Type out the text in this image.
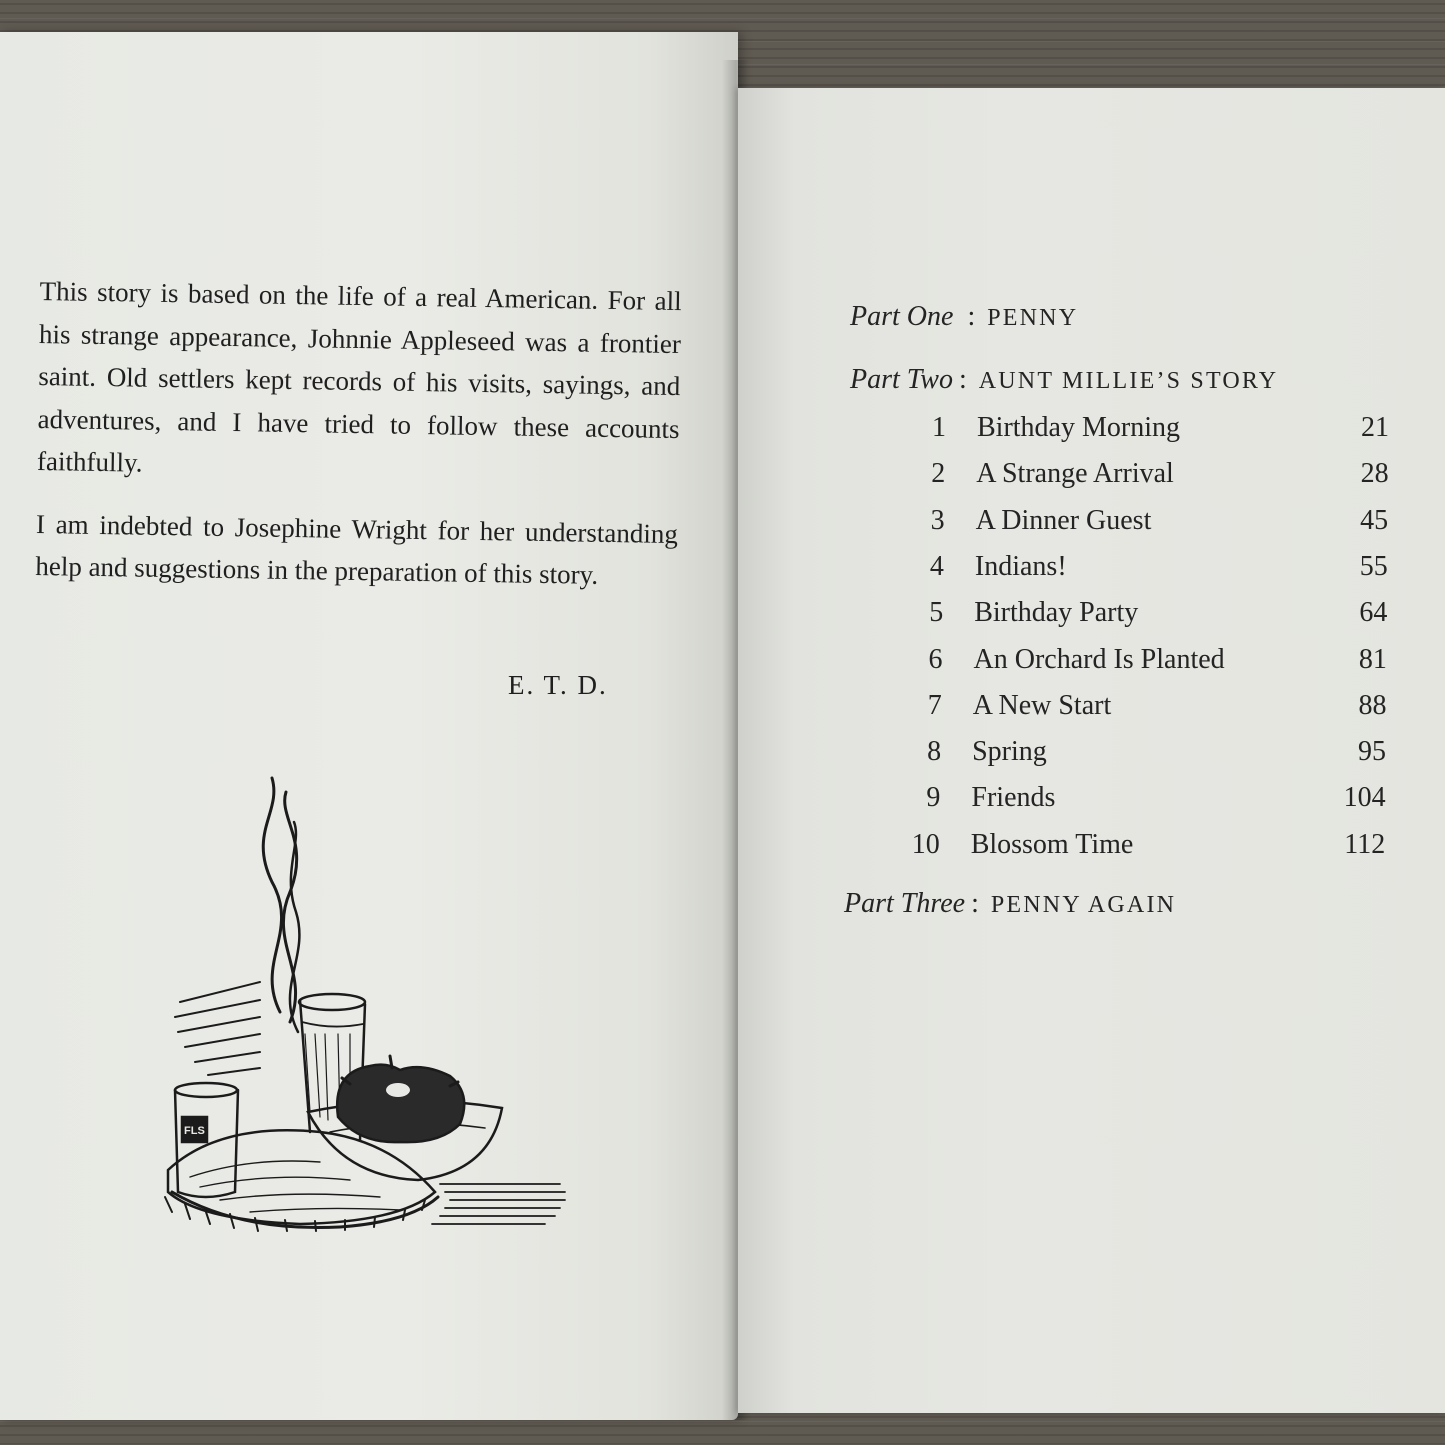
This story is based on the life of a real American. For all his strange appearance, Johnnie Appleseed was a frontier saint. Old settlers kept records of his visits, sayings, and adventures, and I have tried to follow these accounts faithfully.

I am indebted to Josephine Wright for her understanding help and suggestions in the preparation of this story.

E. T. D.
FLS
Part One : PENNY
Part Two : AUNT MILLIE’S STORY
1 Birthday Morning	21
2 A Strange Arrival	28
3 A Dinner Guest	45
4 Indians!	55
5 Birthday Party	64
6 An Orchard Is Planted	81
7 A New Start	88
8 Spring	95
9 Friends	104
10 Blossom Time	112
Part Three : PENNY AGAIN
